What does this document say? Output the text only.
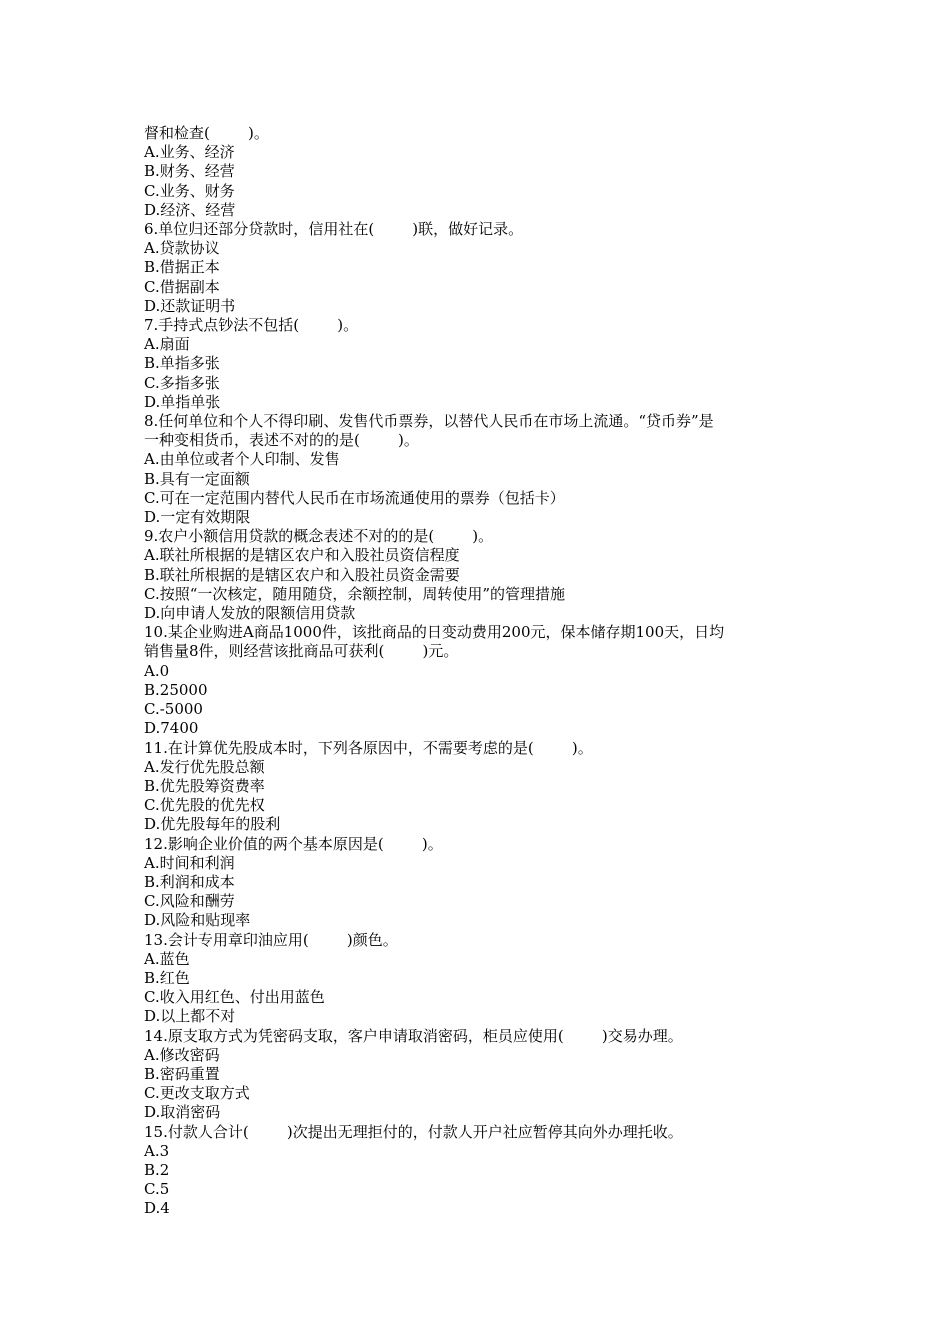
督和检查(        )。

A.业务、经济

B.财务、经营

C.业务、财务

D.经济、经营

6.单位归还部分贷款时，信用社在(        )联，做好记录。

A.贷款协议

B.借据正本

C.借据副本

D.还款证明书

7.手持式点钞法不包括(        )。

A.扇面

B.单指多张

C.多指多张

D.单指单张

8.任何单位和个人不得印刷、发售代币票券，以替代人民币在市场上流通。“贷币券”是

一种变相货币，表述不对的的是(        )。

A.由单位或者个人印制、发售

B.具有一定面额

C.可在一定范围内替代人民币在市场流通使用的票券（包括卡）

D.一定有效期限

9.农户小额信用贷款的概念表述不对的的是(        )。

A.联社所根据的是辖区农户和入股社员资信程度

B.联社所根据的是辖区农户和入股社员资金需要

C.按照“一次核定，随用随贷，余额控制，周转使用”的管理措施

D.向申请人发放的限额信用贷款

10.某企业购进A商品1000件，该批商品的日变动费用200元，保本储存期100天，日均

销售量8件，则经营该批商品可获利(        )元。

A.0

B.25000

C.-5000

D.7400

11.在计算优先股成本时，下列各原因中，不需要考虑的是(        )。

A.发行优先股总额

B.优先股筹资费率

C.优先股的优先权

D.优先股每年的股利

12.影响企业价值的两个基本原因是(        )。

A.时间和利润

B.利润和成本

C.风险和酬劳

D.风险和贴现率

13.会计专用章印油应用(        )颜色。

A.蓝色

B.红色

C.收入用红色、付出用蓝色

D.以上都不对

14.原支取方式为凭密码支取，客户申请取消密码，柜员应使用(        )交易办理。

A.修改密码

B.密码重置

C.更改支取方式

D.取消密码

15.付款人合计(        )次提出无理拒付的，付款人开户社应暂停其向外办理托收。

A.3

B.2

C.5

D.4
